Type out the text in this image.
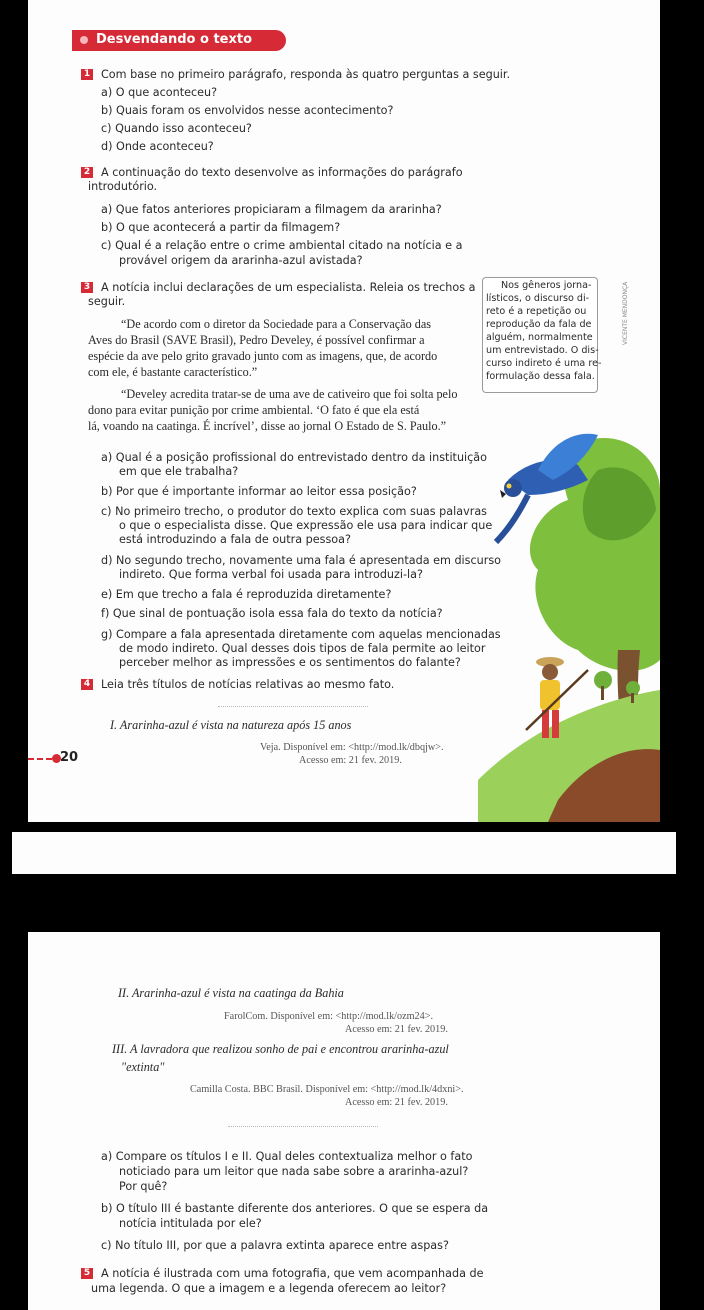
Desvendando o texto
1 Com base no primeiro parágrafo, responda às quatro perguntas a seguir.
a) O que aconteceu?
b) Quais foram os envolvidos nesse acontecimento?
c) Quando isso aconteceu?
d) Onde aconteceu?
2 A continuação do texto desenvolve as informações do parágrafo
introdutório.
a) Que fatos anteriores propiciaram a filmagem da ararinha?
b) O que acontecerá a partir da filmagem?
c) Qual é a relação entre o crime ambiental citado na notícia e a
provável origem da ararinha-azul avistada?
3 A notícia inclui declarações de um especialista. Releia os trechos a
seguir.
“De acordo com o diretor da Sociedade para a Conservação das
Aves do Brasil (SAVE Brasil), Pedro Develey, é possível confirmar a
espécie da ave pelo grito gravado junto com as imagens, que, de acordo
com ele, é bastante característico.”
“Develey acredita tratar-se de uma ave de cativeiro que foi solta pelo
dono para evitar punição por crime ambiental. ‘O fato é que ela está
lá, voando na caatinga. É incrível’, disse ao jornal O Estado de S. Paulo.”
a) Qual é a posição profissional do entrevistado dentro da instituição
em que ele trabalha?
b) Por que é importante informar ao leitor essa posição?
c) No primeiro trecho, o produtor do texto explica com suas palavras
o que o especialista disse. Que expressão ele usa para indicar que
está introduzindo a fala de outra pessoa?
d) No segundo trecho, novamente uma fala é apresentada em discurso
indireto. Que forma verbal foi usada para introduzi-la?
e) Em que trecho a fala é reproduzida diretamente?
f) Que sinal de pontuação isola essa fala do texto da notícia?
g) Compare a fala apresentada diretamente com aquelas mencionadas
de modo indireto. Qual desses dois tipos de fala permite ao leitor
perceber melhor as impressões e os sentimentos do falante?
Nos gêneros jorna-
lísticos, o discurso di-
reto é a repetição ou
reprodução da fala de
alguém, normalmente
um entrevistado. O dis-
curso indireto é uma re-
formulação dessa fala.
VICENTE MENDONÇA
4 Leia três títulos de notícias relativas ao mesmo fato.
I. Ararinha-azul é vista na natureza após 15 anos
Veja. Disponível em: <http://mod.lk/dbqjw>.
Acesso em: 21 fev. 2019.
20
II. Ararinha-azul é vista na caatinga da Bahia
FarolCom. Disponível em: <http://mod.lk/ozm24>.
Acesso em: 21 fev. 2019.
III. A lavradora que realizou sonho de pai e encontrou ararinha-azul
"extinta"
Camilla Costa. BBC Brasil. Disponível em: <http://mod.lk/4dxni>.
Acesso em: 21 fev. 2019.
a) Compare os títulos I e II. Qual deles contextualiza melhor o fato
noticiado para um leitor que nada sabe sobre a ararinha-azul?
Por quê?
b) O título III é bastante diferente dos anteriores. O que se espera da
notícia intitulada por ele?
c) No título III, por que a palavra extinta aparece entre aspas?
5 A notícia é ilustrada com uma fotografia, que vem acompanhada de
uma legenda. O que a imagem e a legenda oferecem ao leitor?
